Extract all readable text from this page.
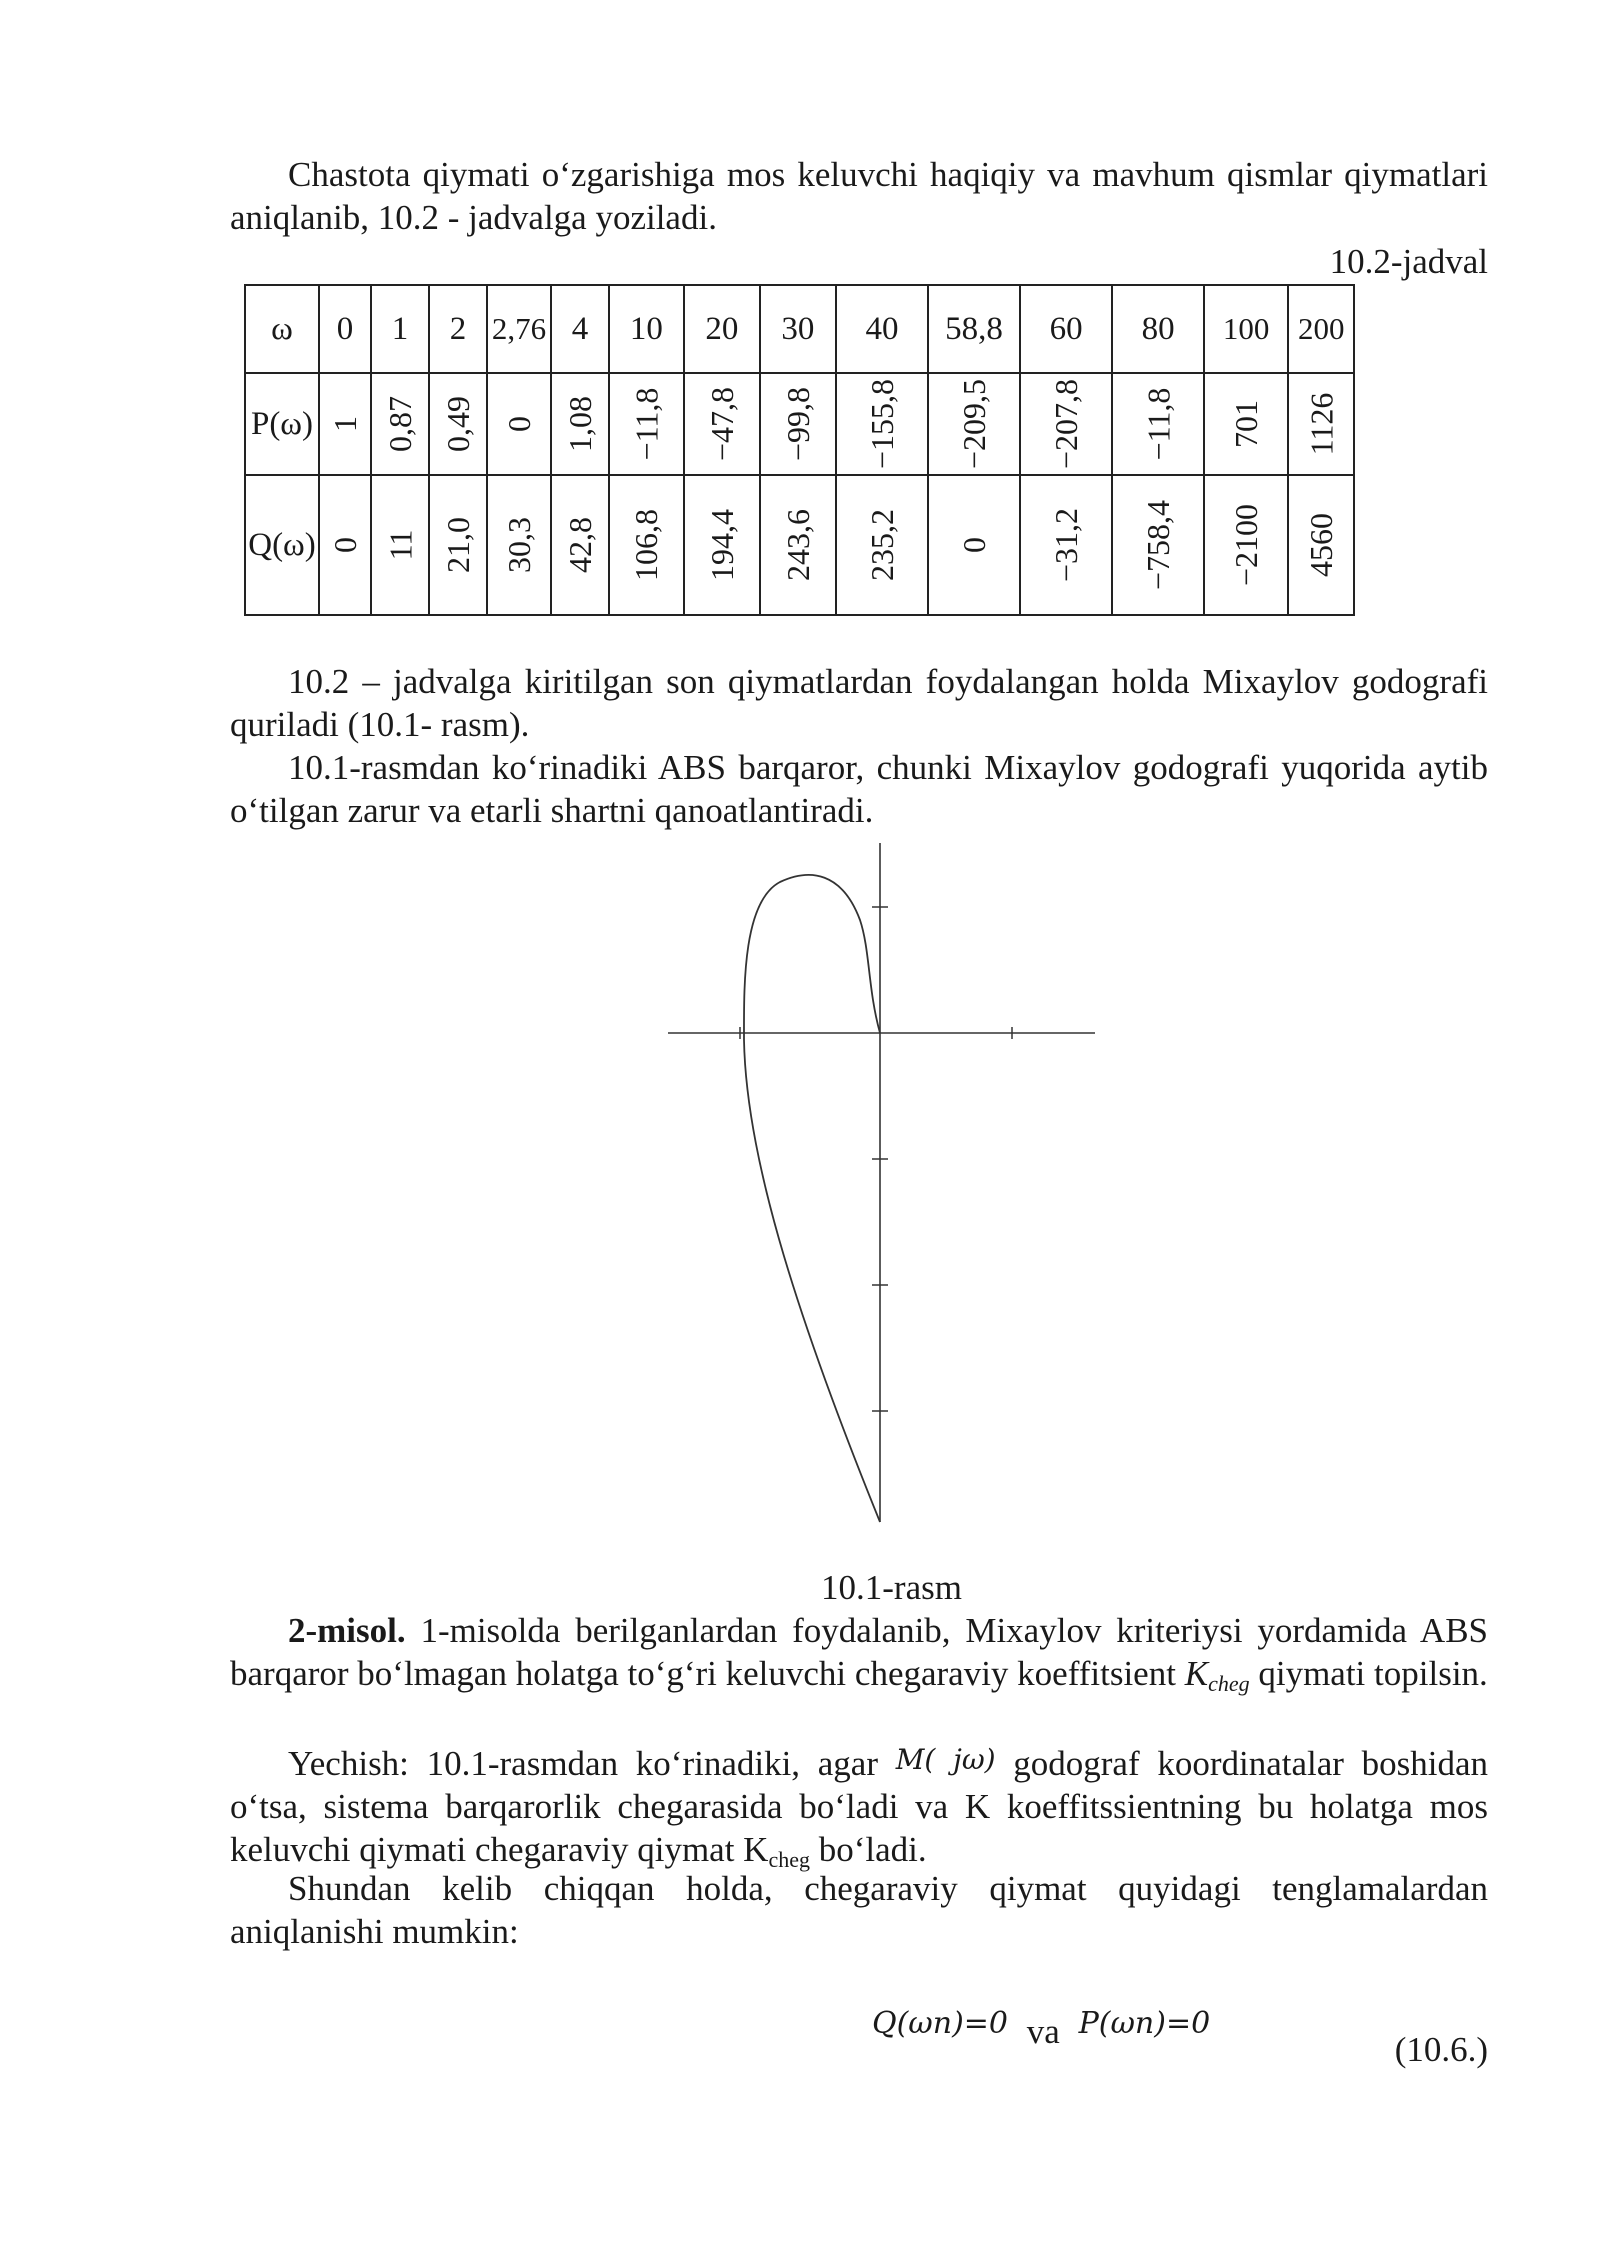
Chastota qiymati o‘zgarishiga mos keluvchi haqiqiy va mavhum qismlar qiymatlari aniqlanib, 10.2 - jadvalga yoziladi.

10.2-jadval

ω	0	1	2	2,76	4	10	20	30	40	58,8	60	80	100	200
P(ω)	1	0,87	0,49	0	1,08	−11,8	−47,8	−99,8	−155,8	−209,5	−207,8	−11,8	701	1126
Q(ω)	0	11	21,0	30,3	42,8	106,8	194,4	243,6	235,2	0	−31,2	−758,4	−2100	4560

10.2 – jadvalga kiritilgan son qiymatlardan foydalangan holda Mixaylov godografi quriladi (10.1- rasm).

10.1-rasmdan ko‘rinadiki ABS barqaror, chunki Mixaylov godografi yuqorida aytib o‘tilgan zarur va etarli shartni qanoatlantiradi.

10.1-rasm

2-misol. 1-misolda berilganlardan foydalanib, Mixaylov kriteriysi yordamida ABS barqaror bo‘lmagan holatga to‘g‘ri keluvchi chegaraviy koeffitsient $K_{cheg}$ qiymati topilsin.

Yechish: 10.1-rasmdan ko‘rinadiki, agar M( jω) godograf koordinatalar boshidan o‘tsa, sistema barqarorlik chegarasida bo‘ladi va K koeffitssientning bu holatga mos keluvchi qiymati chegaraviy qiymat $K_{cheg}$ bo‘ladi.

Shundan kelib chiqqan holda, chegaraviy qiymat quyidagi tenglamalardan aniqlanishi mumkin:

Q(ωn)=0 va P(ωn)=0
(10.6.)
